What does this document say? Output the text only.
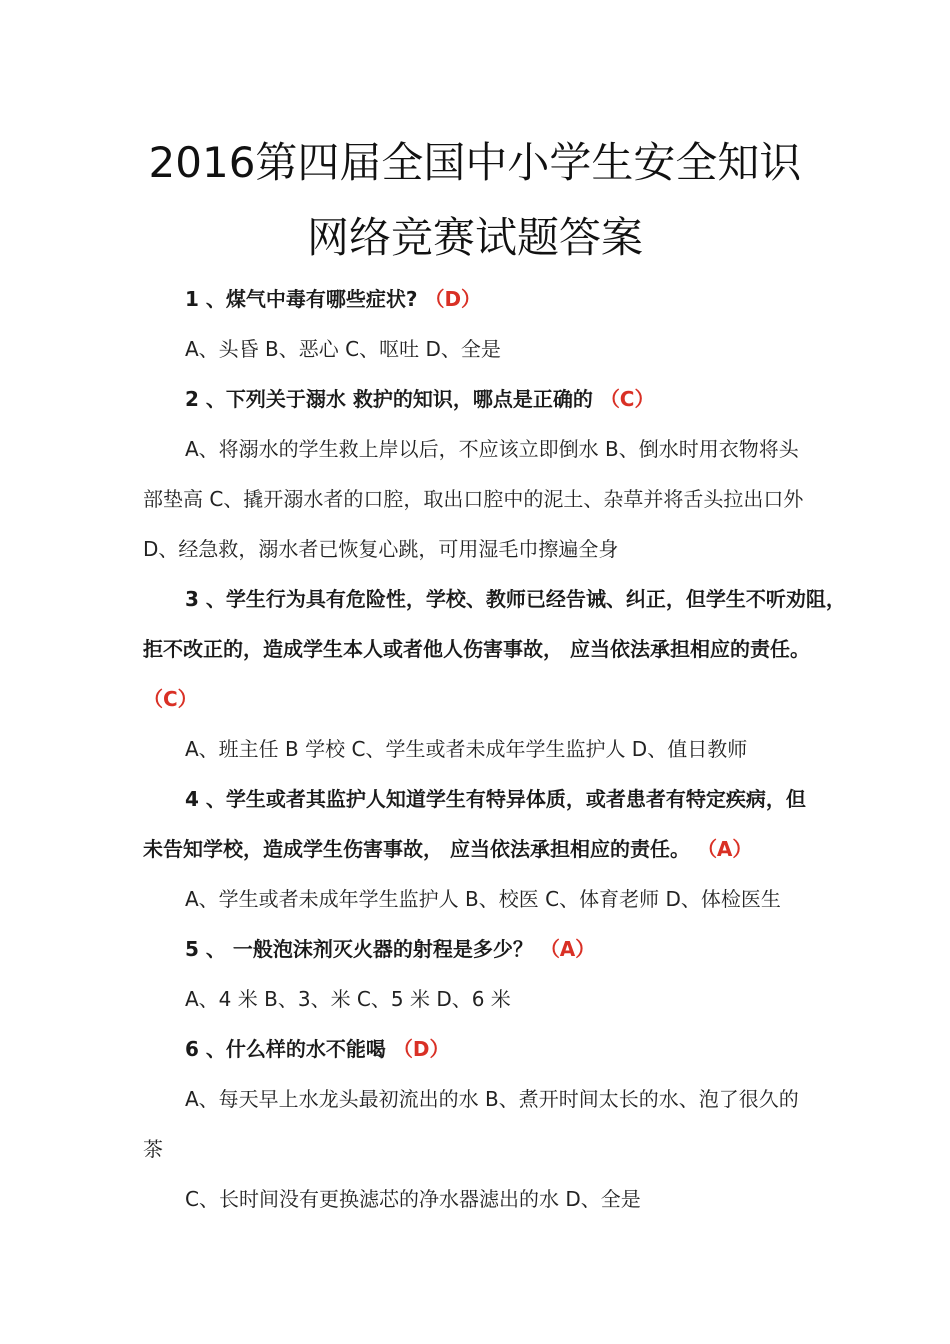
2016第四届全国中小学生安全知识
网络竞赛试题答案
1 、煤气中毒有哪些症状? （D）
A、头昏 B、恶心 C、呕吐 D、全是
2 、下列关于溺水 救护的知识，哪点是正确的 （C）
A、将溺水的学生救上岸以后，不应该立即倒水 B、倒水时用衣物将头
部垫高 C、撬开溺水者的口腔，取出口腔中的泥土、杂草并将舌头拉出口外
D、经急救，溺水者已恢复心跳，可用湿毛巾擦遍全身
3 、学生行为具有危险性，学校、教师已经告诫、纠正，但学生不听劝阻，
拒不改正的，造成学生本人或者他人伤害事故， 应当依法承担相应的责任。
（C）
A、班主任 B 学校 C、学生或者未成年学生监护人 D、值日教师
4 、学生或者其监护人知道学生有特异体质，或者患者有特定疾病，但
未告知学校，造成学生伤害事故， 应当依法承担相应的责任。 （A）
A、学生或者未成年学生监护人 B、校医 C、体育老师 D、体检医生
5 、 一般泡沫剂灭火器的射程是多少？ （A）
A、4 米 B、3、米 C、5 米 D、6 米
6 、什么样的水不能喝 （D）
A、每天早上水龙头最初流出的水 B、煮开时间太长的水、泡了很久的
茶
C、长时间没有更换滤芯的净水器滤出的水 D、全是
